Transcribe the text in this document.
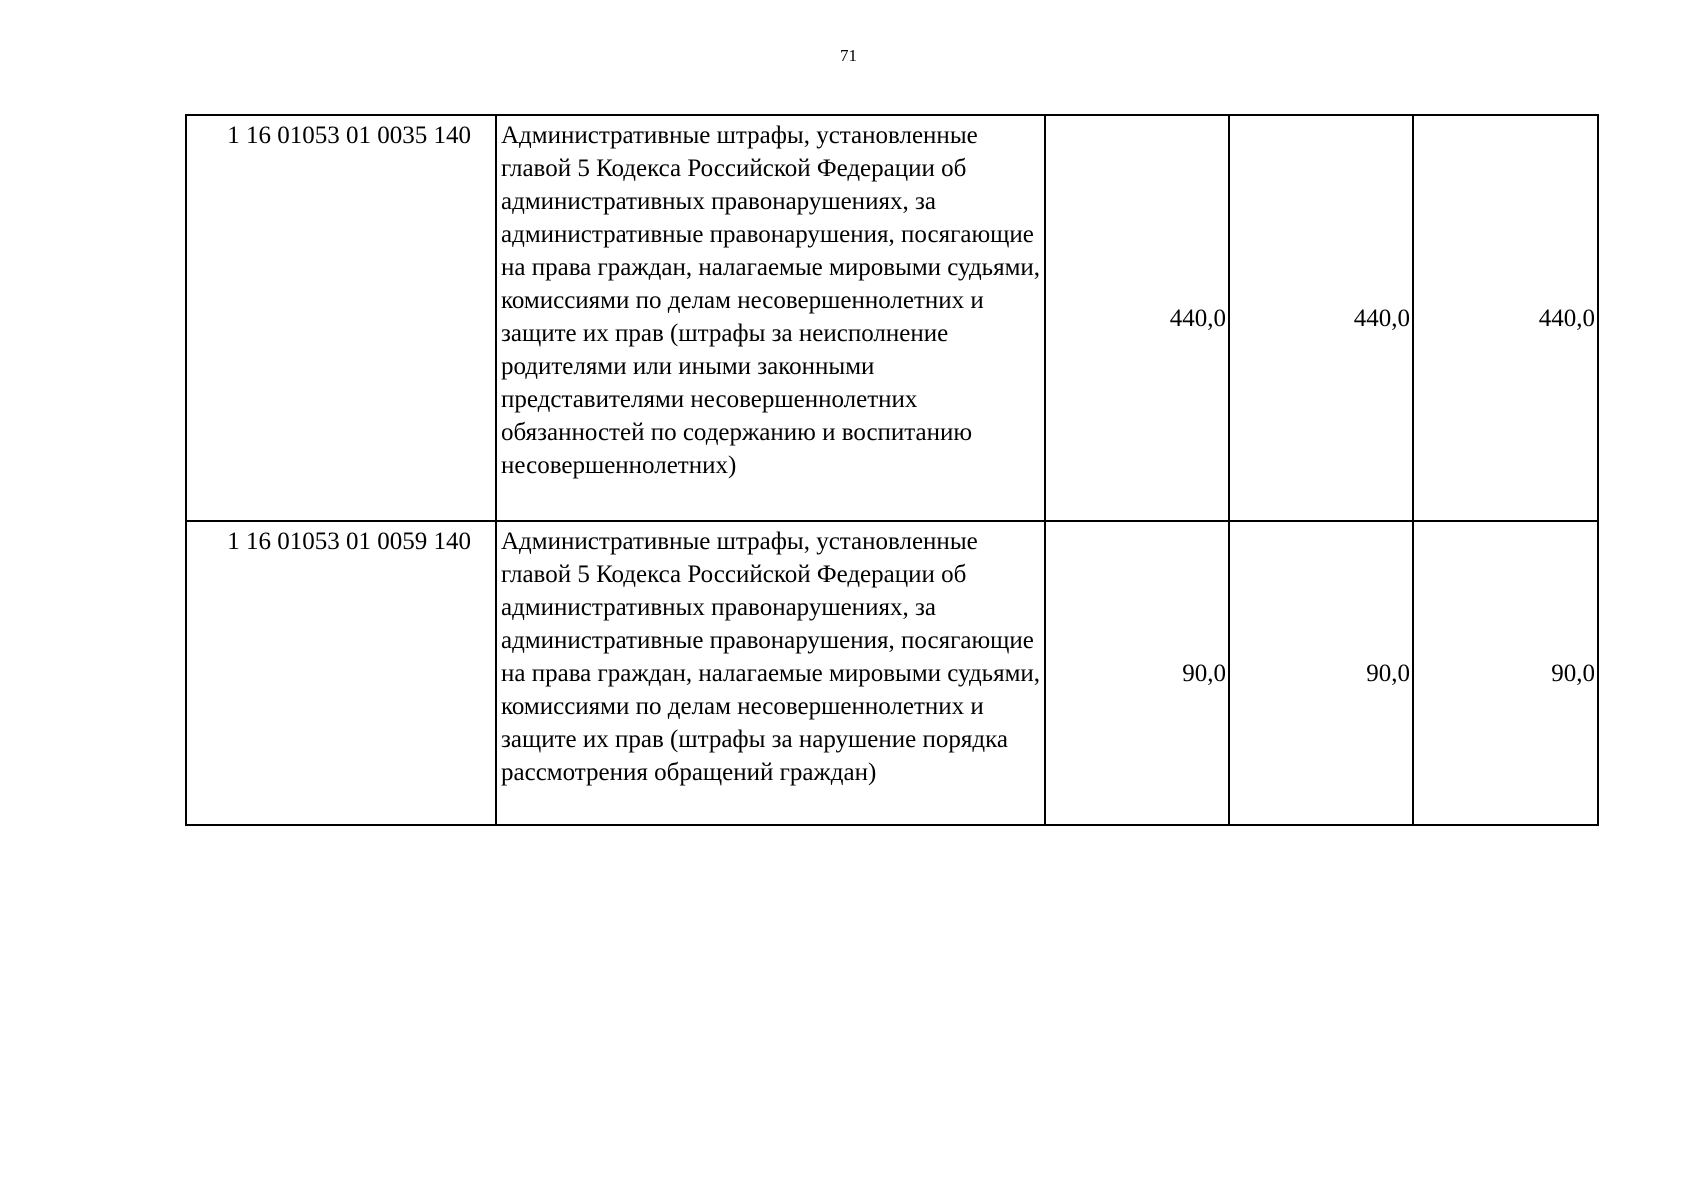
71
1 16 01053 01 0035 140	Административные штрафы, установленные главой 5 Кодекса Российской Федерации об административных правонарушениях, за административные правонарушения, посягающие на права граждан, налагаемые мировыми судьями, комиссиями по делам несовершеннолетних и защите их прав (штрафы за неисполнение родителями или иными законными представителями несовершеннолетних обязанностей по содержанию и воспитанию несовершеннолетних)	440,0	440,0	440,0
1 16 01053 01 0059 140	Административные штрафы, установленные главой 5 Кодекса Российской Федерации об административных правонарушениях, за административные правонарушения, посягающие на права граждан, налагаемые мировыми судьями, комиссиями по делам несовершеннолетних и защите их прав (штрафы за нарушение порядка рассмотрения обращений граждан)	90,0	90,0	90,0
